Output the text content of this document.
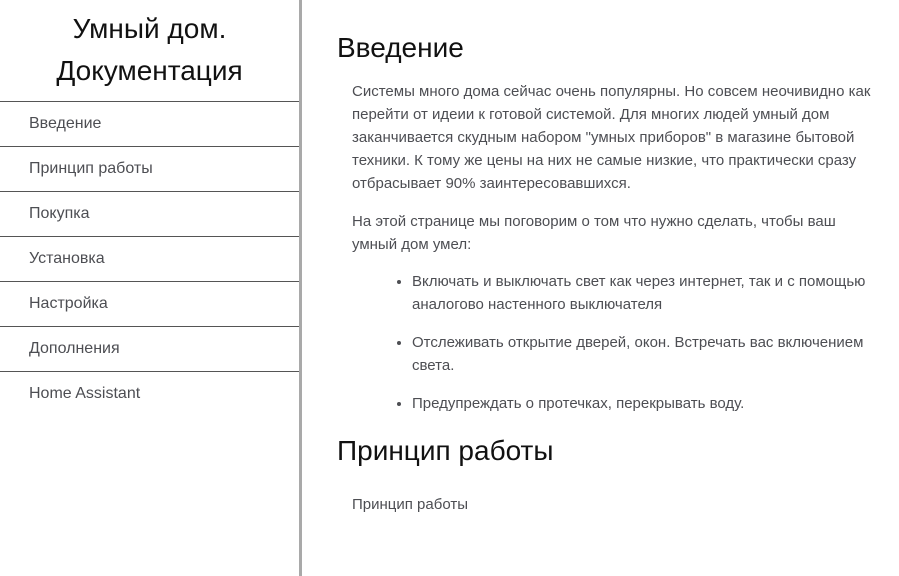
Умный дом.
Документация
Введение
Принцип работы
Покупка
Установка
Настройка
Дополнения
Home Assistant
Введение

Системы много дома сейчас очень популярны. Но совсем неочивидно как перейти от идеии к готовой системой. Для многих людей умный дом заканчивается скудным набором "умных приборов" в магазине бытовой техники. К тому же цены на них не самые низкие, что практически сразу отбрасывает 90% заинтересовавшихся.

На этой странице мы поговорим о том что нужно сделать, чтобы ваш умный дом умел:

• Включать и выключать свет как через интернет, так и с помощью аналогово настенного выключателя
• Отслеживать открытие дверей, окон. Встречать вас включением света.
• Предупреждать о протечках, перекрывать воду.
Принцип работы

Принцип работы
